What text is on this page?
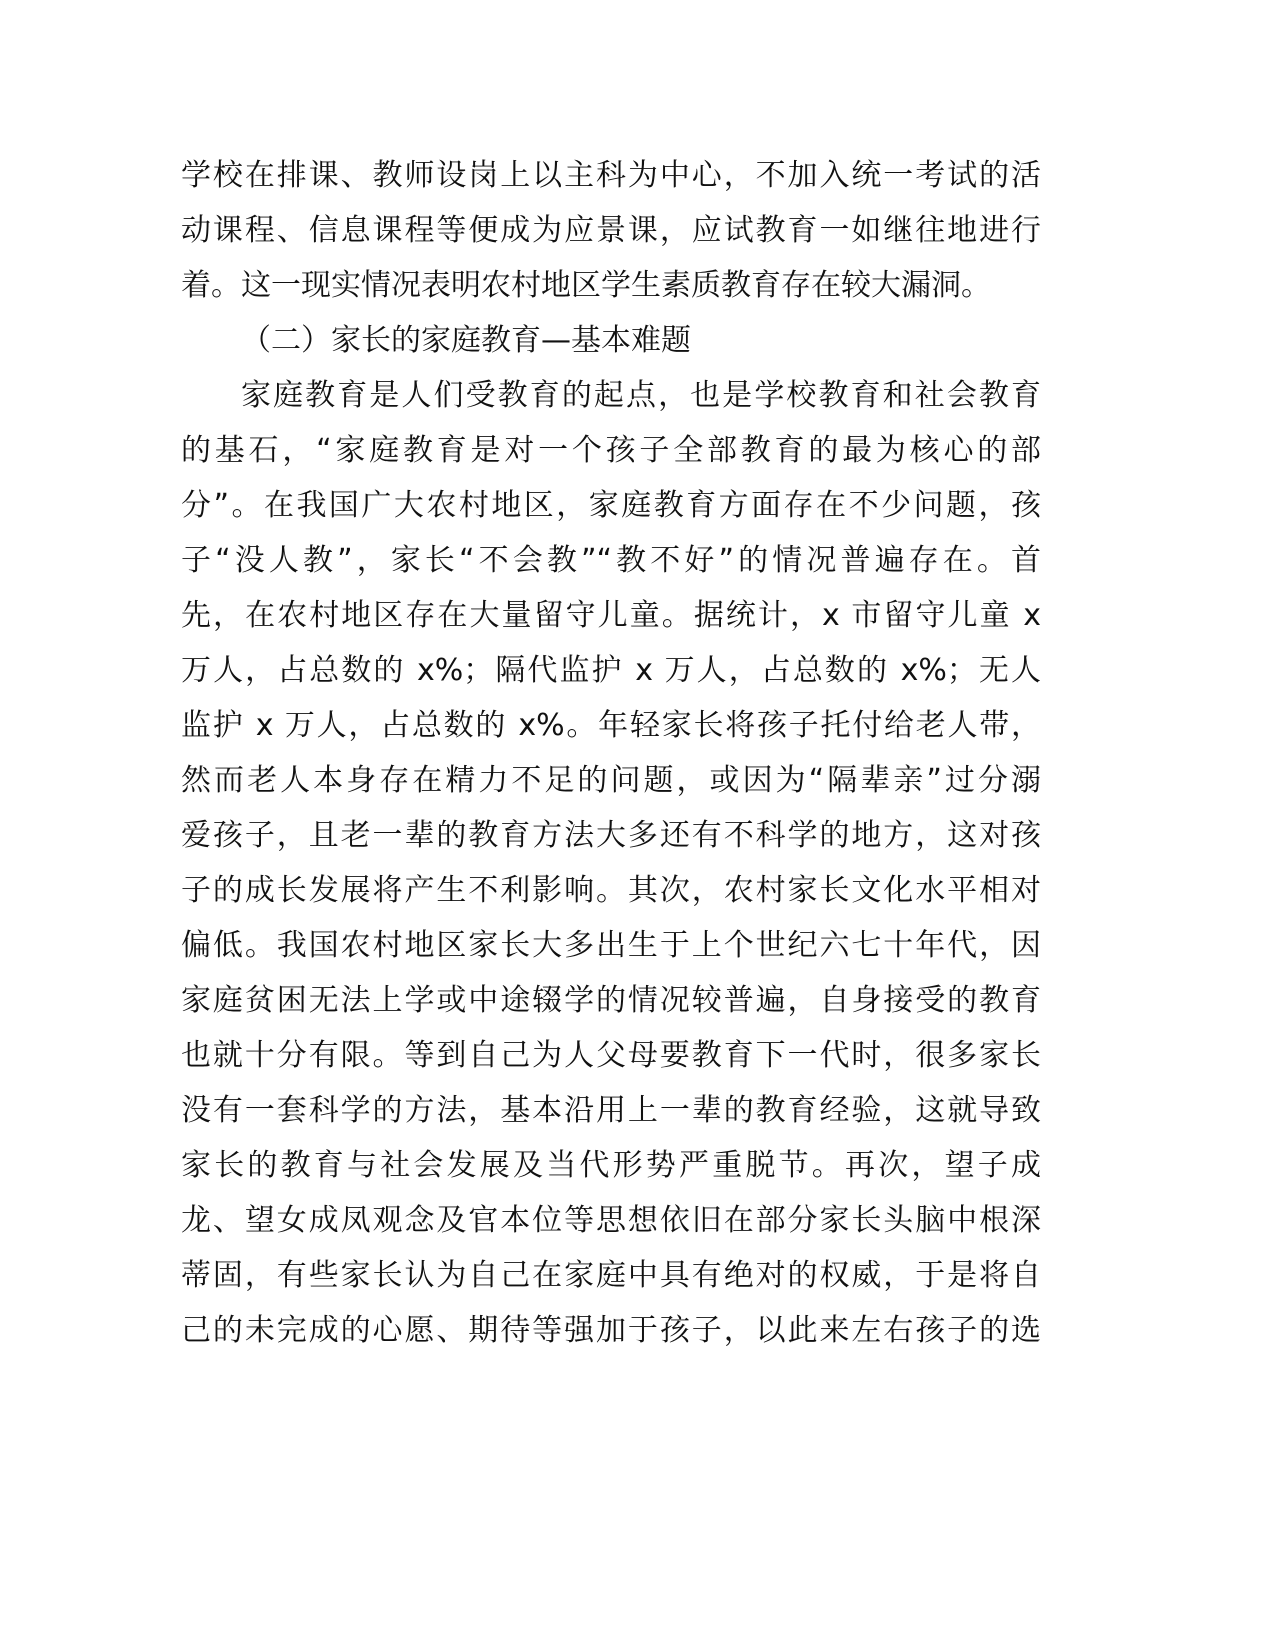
学校在排课、教师设岗上以主科为中心，不加入统一考试的活
动课程、信息课程等便成为应景课，应试教育一如继往地进行
着。这一现实情况表明农村地区学生素质教育存在较大漏洞。
（二）家长的家庭教育—基本难题
家庭教育是人们受教育的起点，也是学校教育和社会教育
的基石，“家庭教育是对一个孩子全部教育的最为核心的部
分”。在我国广大农村地区，家庭教育方面存在不少问题，孩
子“没人教”，家长“不会教”“教不好”的情况普遍存在。首
先，在农村地区存在大量留守儿童。据统计，x 市留守儿童 x
万人，占总数的 x%；隔代监护 x 万人，占总数的 x%；无人
监护 x 万人，占总数的 x%。年轻家长将孩子托付给老人带，
然而老人本身存在精力不足的问题，或因为“隔辈亲”过分溺
爱孩子，且老一辈的教育方法大多还有不科学的地方，这对孩
子的成长发展将产生不利影响。其次，农村家长文化水平相对
偏低。我国农村地区家长大多出生于上个世纪六七十年代，因
家庭贫困无法上学或中途辍学的情况较普遍，自身接受的教育
也就十分有限。等到自己为人父母要教育下一代时，很多家长
没有一套科学的方法，基本沿用上一辈的教育经验，这就导致
家长的教育与社会发展及当代形势严重脱节。再次，望子成
龙、望女成凤观念及官本位等思想依旧在部分家长头脑中根深
蒂固，有些家长认为自己在家庭中具有绝对的权威，于是将自
己的未完成的心愿、期待等强加于孩子，以此来左右孩子的选
